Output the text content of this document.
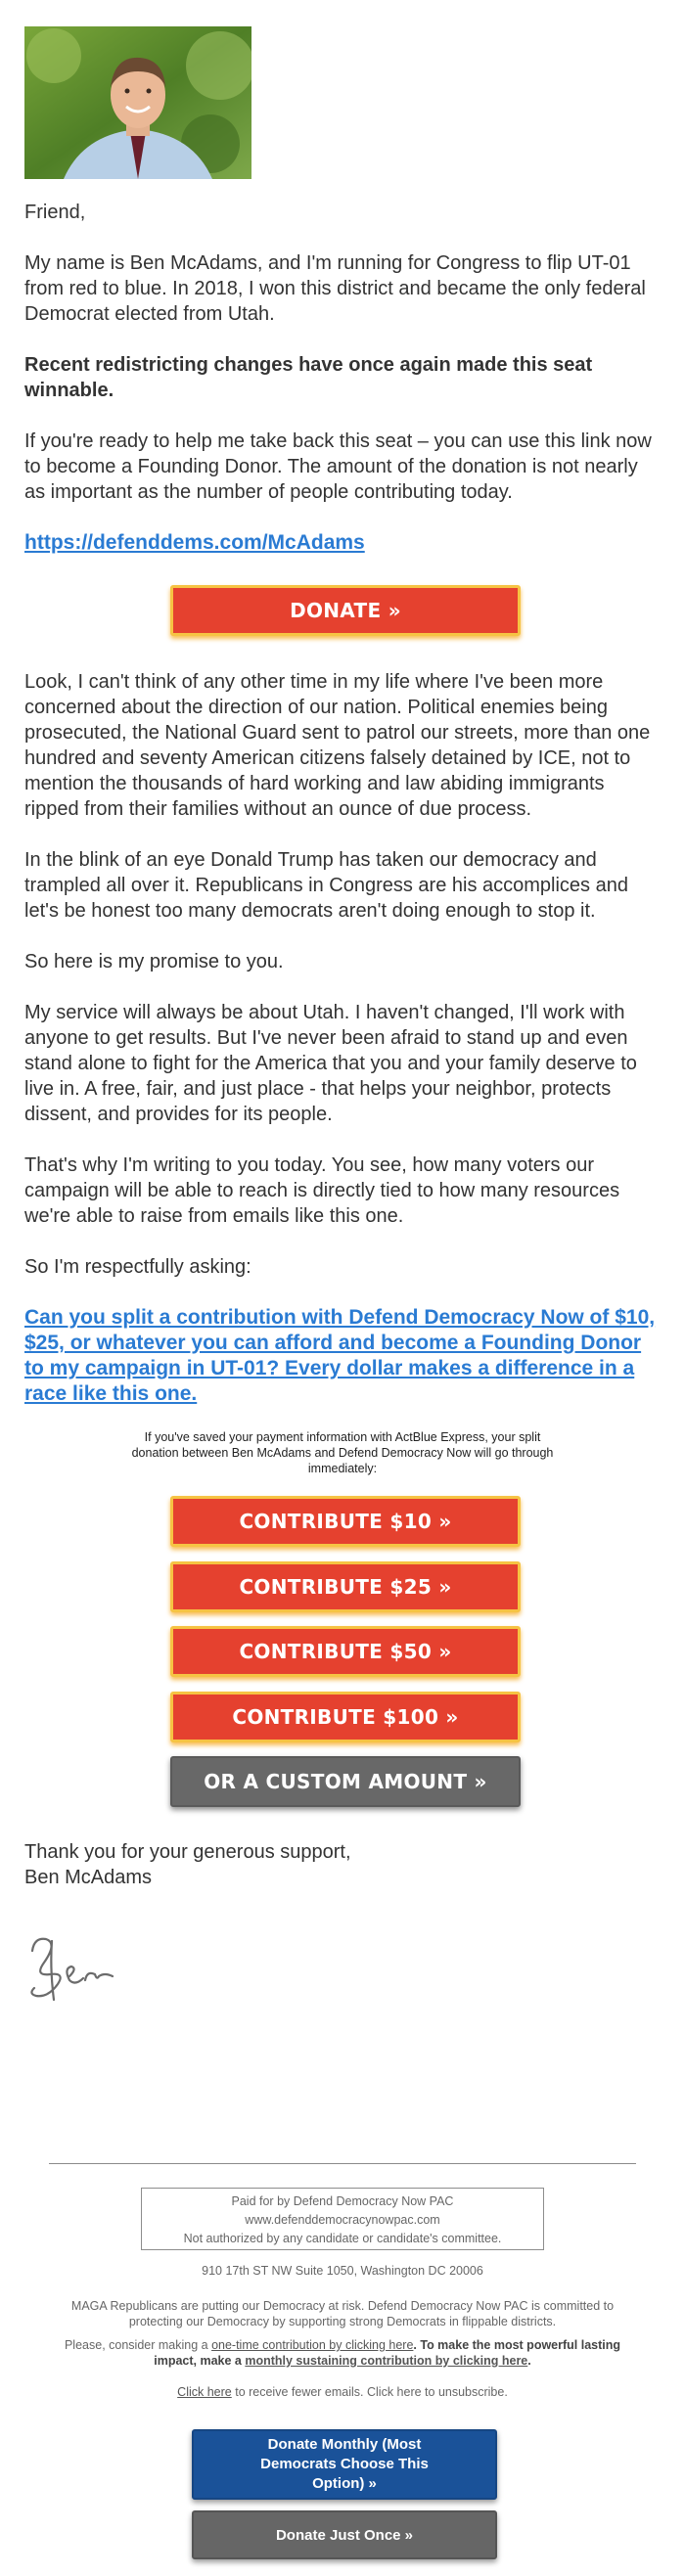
Friend,

My name is Ben McAdams, and I'm running for Congress to flip UT-01 from red to blue. In 2018, I won this district and became the only federal Democrat elected from Utah.

Recent redistricting changes have once again made this seat winnable.

If you're ready to help me take back this seat – you can use this link now to become a Founding Donor. The amount of the donation is not nearly as important as the number of people contributing today.

https://defenddems.com/McAdams

DONATE »

Look, I can't think of any other time in my life where I've been more concerned about the direction of our nation. Political enemies being prosecuted, the National Guard sent to patrol our streets, more than one hundred and seventy American citizens falsely detained by ICE, not to mention the thousands of hard working and law abiding immigrants ripped from their families without an ounce of due process.

In the blink of an eye Donald Trump has taken our democracy and trampled all over it. Republicans in Congress are his accomplices and let's be honest too many democrats aren't doing enough to stop it.

So here is my promise to you.

My service will always be about Utah. I haven't changed, I'll work with anyone to get results. But I've never been afraid to stand up and even stand alone to fight for the America that you and your family deserve to live in. A free, fair, and just place - that helps your neighbor, protects dissent, and provides for its people.

That's why I'm writing to you today. You see, how many voters our campaign will be able to reach is directly tied to how many resources we're able to raise from emails like this one.

So I'm respectfully asking:

Can you split a contribution with Defend Democracy Now of $10, $25, or whatever you can afford and become a Founding Donor to my campaign in UT-01? Every dollar makes a difference in a race like this one.

If you've saved your payment information with ActBlue Express, your split donation between Ben McAdams and Defend Democracy Now will go through immediately:
CONTRIBUTE $10 »
CONTRIBUTE $25 »
CONTRIBUTE $50 »
CONTRIBUTE $100 »
OR A CUSTOM AMOUNT »

Thank you for your generous support,

Ben McAdams

Paid for by Defend Democracy Now PAC
www.defenddemocracynowpac.com
Not authorized by any candidate or candidate's committee.
910 17th ST NW Suite 1050, Washington DC 20006
MAGA Republicans are putting our Democracy at risk. Defend Democracy Now PAC is committed to protecting our Democracy by supporting strong Democrats in flippable districts.
Please, consider making a one-time contribution by clicking here. To make the most powerful lasting impact, make a monthly sustaining contribution by clicking here.
Click here to receive fewer emails. Click here to unsubscribe.
Donate Monthly (Most Democrats Choose This Option) »
Donate Just Once »
